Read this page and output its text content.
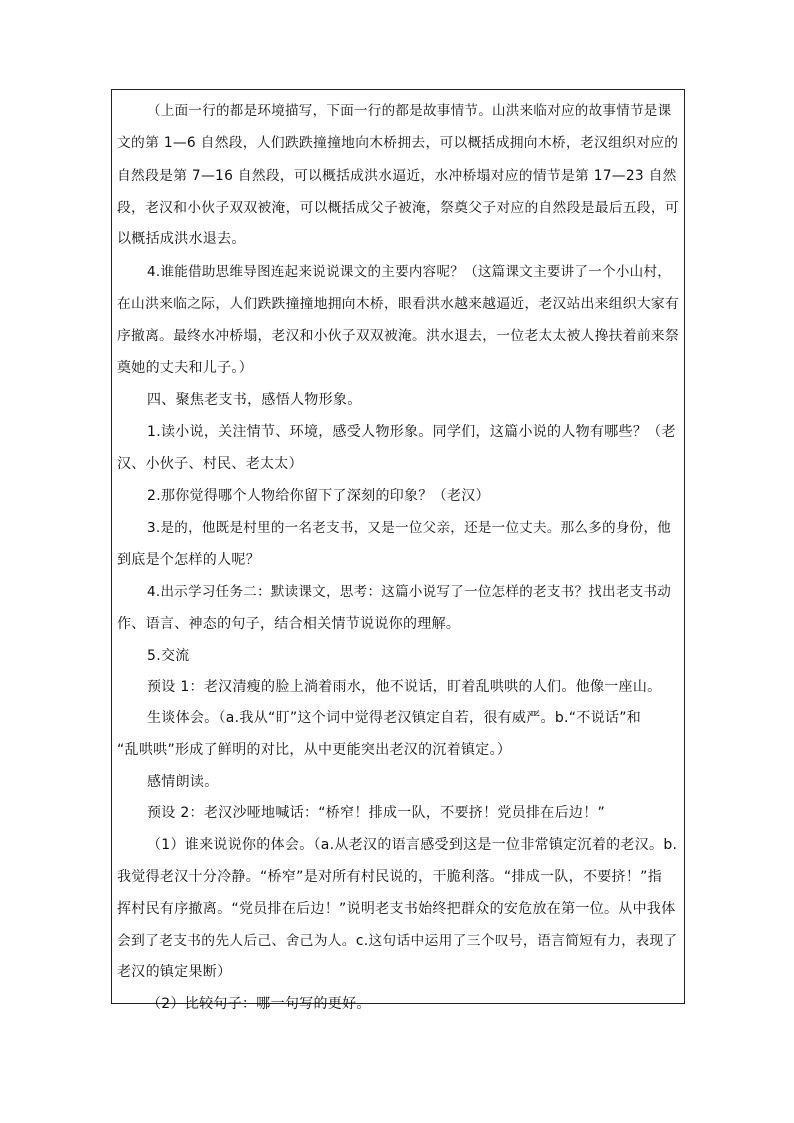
（上面一行的都是环境描写，下面一行的都是故事情节。山洪来临对应的故事情节是课
文的第 1—6 自然段，人们跌跌撞撞地向木桥拥去，可以概括成拥向木桥，老汉组织对应的
自然段是第 7—16 自然段，可以概括成洪水逼近，水冲桥塌对应的情节是第 17—23 自然
段，老汉和小伙子双双被淹，可以概括成父子被淹，祭奠父子对应的自然段是最后五段，可
以概括成洪水退去。
4.谁能借助思维导图连起来说说课文的主要内容呢？（这篇课文主要讲了一个小山村，
在山洪来临之际，人们跌跌撞撞地拥向木桥，眼看洪水越来越逼近，老汉站出来组织大家有
序撤离。最终水冲桥塌，老汉和小伙子双双被淹。洪水退去，一位老太太被人搀扶着前来祭
奠她的丈夫和儿子。）
四、聚焦老支书，感悟人物形象。
1.读小说，关注情节、环境，感受人物形象。同学们，这篇小说的人物有哪些？（老
汉、小伙子、村民、老太太）
2.那你觉得哪个人物给你留下了深刻的印象？（老汉）
3.是的，他既是村里的一名老支书，又是一位父亲，还是一位丈夫。那么多的身份，他
到底是个怎样的人呢？
4.出示学习任务二：默读课文，思考：这篇小说写了一位怎样的老支书？找出老支书动
作、语言、神态的句子，结合相关情节说说你的理解。
5.交流
预设 1：老汉清瘦的脸上淌着雨水，他不说话，盯着乱哄哄的人们。他像一座山。
生谈体会。（a.我从“盯”这个词中觉得老汉镇定自若，很有威严。b.“不说话”和
“乱哄哄”形成了鲜明的对比，从中更能突出老汉的沉着镇定。）
感情朗读。
预设 2：老汉沙哑地喊话：“桥窄！排成一队，不要挤！党员排在后边！”
（1）谁来说说你的体会。（a.从老汉的语言感受到这是一位非常镇定沉着的老汉。b.
我觉得老汉十分冷静。“桥窄”是对所有村民说的，干脆利落。“排成一队，不要挤！”指
挥村民有序撤离。“党员排在后边！”说明老支书始终把群众的安危放在第一位。从中我体
会到了老支书的先人后己、舍己为人。c.这句话中运用了三个叹号，语言简短有力，表现了
老汉的镇定果断）
（2）比较句子：哪一句写的更好。
